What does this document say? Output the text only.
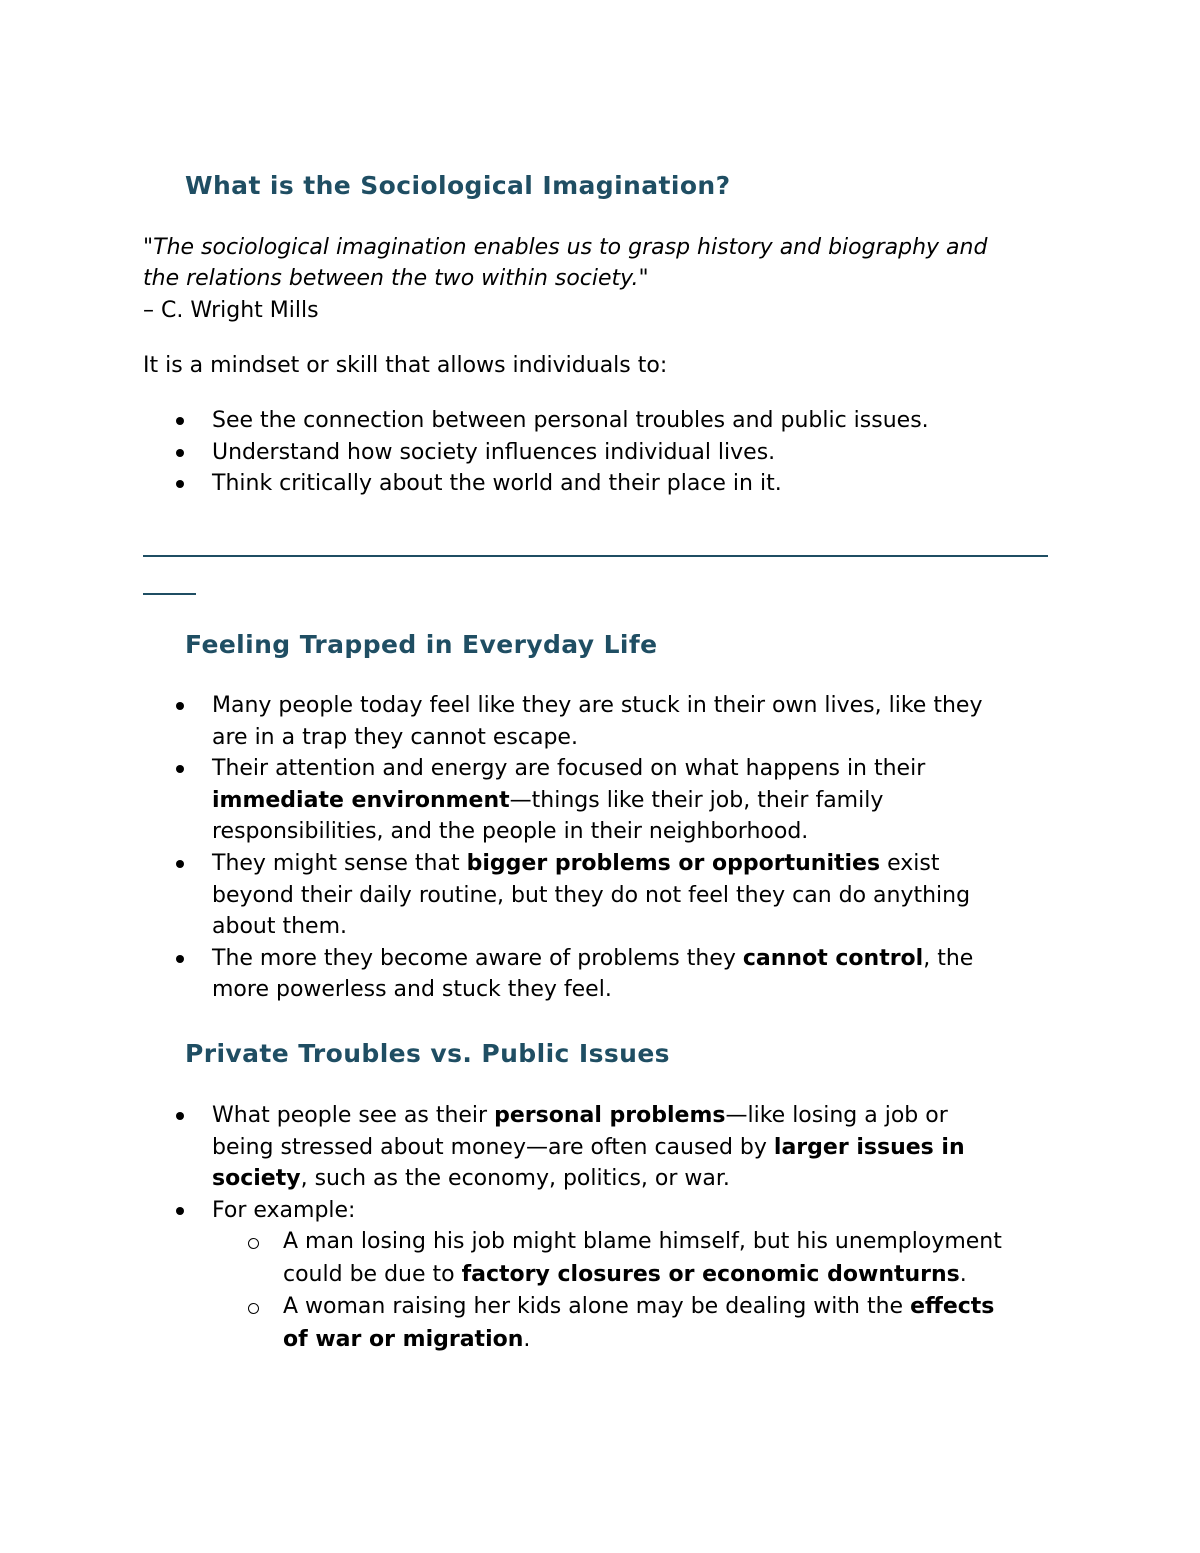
What is the Sociological Imagination?
"The sociological imagination enables us to grasp history and biography and
the relations between the two within society."
– C. Wright Mills

It is a mindset or skill that allows individuals to:

See the connection between personal troubles and public issues.
Understand how society influences individual lives.
Think critically about the world and their place in it.
Feeling Trapped in Everyday Life
Many people today feel like they are stuck in their own lives, like they
are in a trap they cannot escape.
Their attention and energy are focused on what happens in their
immediate environment—things like their job, their family
responsibilities, and the people in their neighborhood.
They might sense that bigger problems or opportunities exist
beyond their daily routine, but they do not feel they can do anything
about them.
The more they become aware of problems they cannot control, the
more powerless and stuck they feel.
Private Troubles vs. Public Issues
What people see as their personal problems—like losing a job or
being stressed about money—are often caused by larger issues in
society, such as the economy, politics, or war.
For example:
A man losing his job might blame himself, but his unemployment
could be due to factory closures or economic downturns.
A woman raising her kids alone may be dealing with the effects
of war or migration.
